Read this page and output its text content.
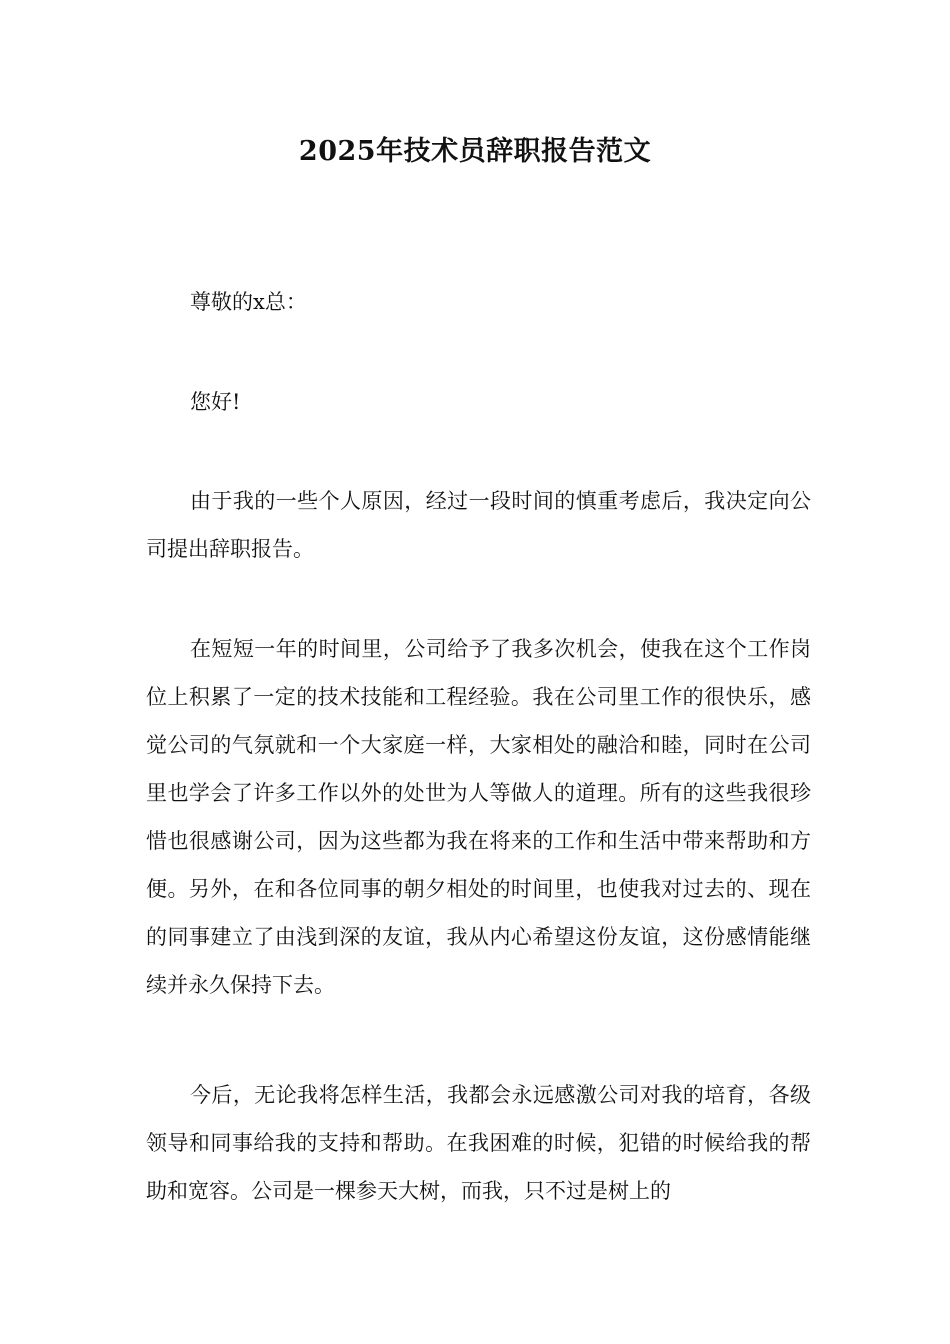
2025年技术员辞职报告范文

尊敬的x总：

您好!

由于我的一些个人原因，经过一段时间的慎重考虑后，我决定向公司提出辞职报告。

在短短一年的时间里，公司给予了我多次机会，使我在这个工作岗位上积累了一定的技术技能和工程经验。我在公司里工作的很快乐，感觉公司的气氛就和一个大家庭一样，大家相处的融洽和睦，同时在公司里也学会了许多工作以外的处世为人等做人的道理。所有的这些我很珍惜也很感谢公司，因为这些都为我在将来的工作和生活中带来帮助和方便。另外，在和各位同事的朝夕相处的时间里，也使我对过去的、现在的同事建立了由浅到深的友谊，我从内心希望这份友谊，这份感情能继续并永久保持下去。

今后，无论我将怎样生活，我都会永远感激公司对我的培育，各级领导和同事给我的支持和帮助。在我困难的时候，犯错的时候给我的帮助和宽容。公司是一棵参天大树，而我，只不过是树上的
